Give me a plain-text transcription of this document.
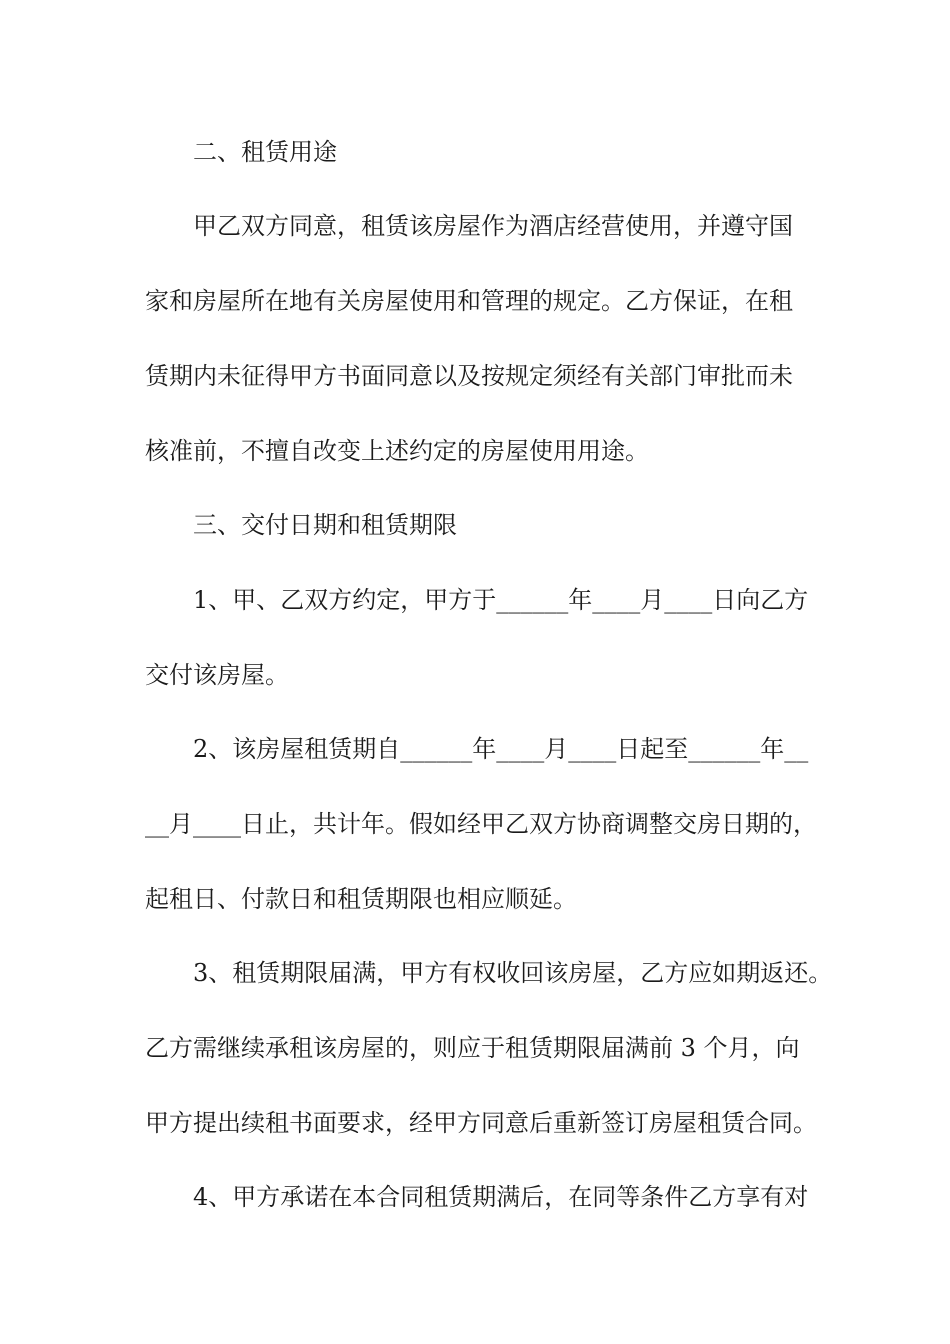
二、租赁用途
甲乙双方同意，租赁该房屋作为酒店经营使用，并遵守国
家和房屋所在地有关房屋使用和管理的规定。乙方保证，在租
赁期内未征得甲方书面同意以及按规定须经有关部门审批而未
核准前，不擅自改变上述约定的房屋使用用途。
三、交付日期和租赁期限
1、甲、乙双方约定，甲方于______年____月____日向乙方
交付该房屋。
2、该房屋租赁期自______年____月____日起至______年__
__月____日止，共计年。假如经甲乙双方协商调整交房日期的，
起租日、付款日和租赁期限也相应顺延。
3、租赁期限届满，甲方有权收回该房屋，乙方应如期返还。
乙方需继续承租该房屋的，则应于租赁期限届满前 3 个月，向
甲方提出续租书面要求，经甲方同意后重新签订房屋租赁合同。
4、甲方承诺在本合同租赁期满后，在同等条件乙方享有对
